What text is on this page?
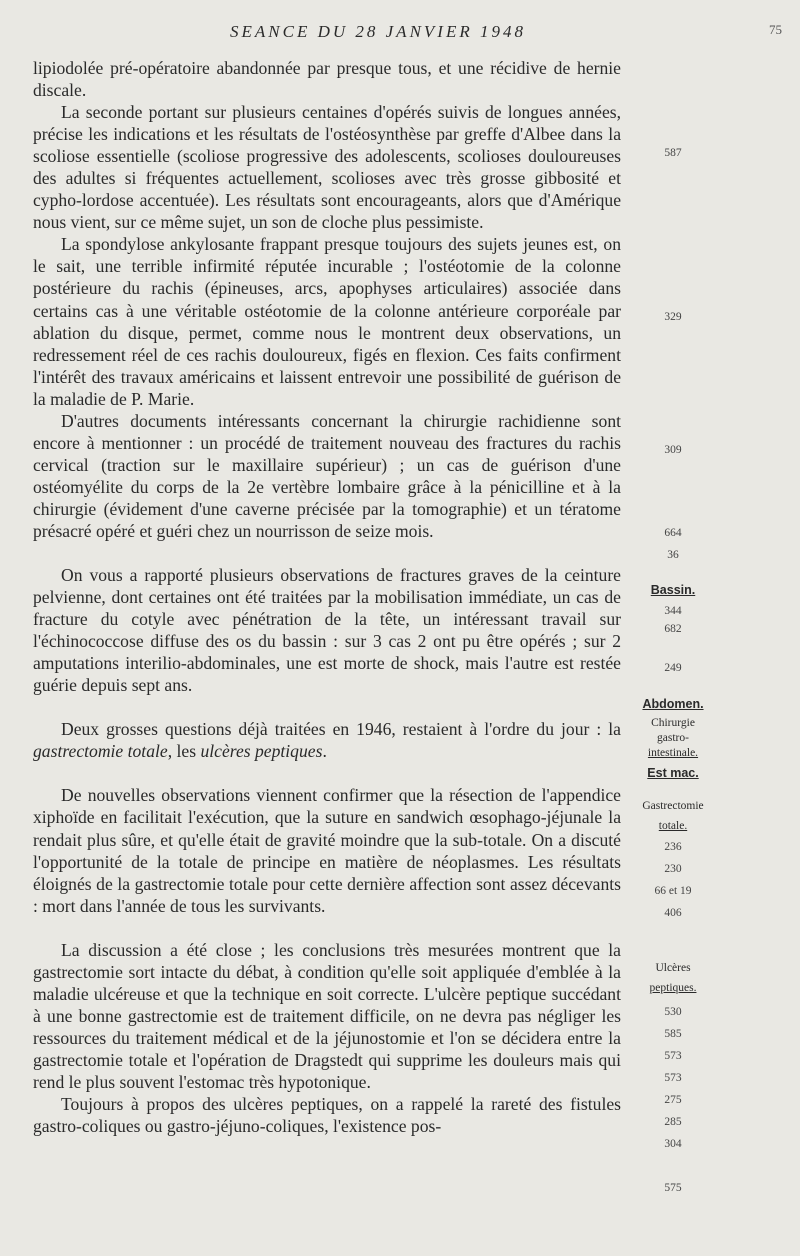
SEANCE DU 28 JANVIER 1948	75

lipiodolée pré-opératoire abandonnée par presque tous, et une récidive de hernie discale.

La seconde portant sur plusieurs centaines d'opérés suivis de longues années, précise les indications et les résultats de l'ostéosynthèse par greffe d'Albee dans la scoliose essentielle (scoliose progressive des adolescents, scolioses douloureuses des adultes si fréquentes actuellement, scolioses avec très grosse gibbosité et cypho-lordose accentuée). Les résultats sont encourageants, alors que d'Amérique nous vient, sur ce même sujet, un son de cloche plus pessimiste.

La spondylose ankylosante frappant presque toujours des sujets jeunes est, on le sait, une terrible infirmité réputée incurable ; l'ostéotomie de la colonne postérieure du rachis (épineuses, arcs, apophyses articulaires) associée dans certains cas à une véritable ostéotomie de la colonne antérieure corporéale par ablation du disque, permet, comme nous le montrent deux observations, un redressement réel de ces rachis douloureux, figés en flexion. Ces faits confirment l'intérêt des travaux américains et laissent entrevoir une possibilité de guérison de la maladie de P. Marie.

D'autres documents intéressants concernant la chirurgie rachidienne sont encore à mentionner : un procédé de traitement nouveau des fractures du rachis cervical (traction sur le maxillaire supérieur) ; un cas de guérison d'une ostéomyélite du corps de la 2e vertèbre lombaire grâce à la pénicilline et à la chirurgie (évidement d'une caverne précisée par la tomographie) et un tératome présacré opéré et guéri chez un nourrisson de seize mois.

On vous a rapporté plusieurs observations de fractures graves de la ceinture pelvienne, dont certaines ont été traitées par la mobilisation immédiate, un cas de fracture du cotyle avec pénétration de la tête, un intéressant travail sur l'échinococcose diffuse des os du bassin : sur 3 cas 2 ont pu être opérés ; sur 2 amputations interilio-abdominales, une est morte de shock, mais l'autre est restée guérie depuis sept ans.

Deux grosses questions déjà traitées en 1946, restaient à l'ordre du jour : la gastrectomie totale, les ulcères peptiques.

De nouvelles observations viennent confirmer que la résection de l'appendice xiphoïde en facilitait l'exécution, que la suture en sandwich œsophago-jéjunale la rendait plus sûre, et qu'elle était de gravité moindre que la sub-totale. On a discuté l'opportunité de la totale de principe en matière de néoplasmes. Les résultats éloignés de la gastrectomie totale pour cette dernière affection sont assez décevants : mort dans l'année de tous les survivants.

La discussion a été close ; les conclusions très mesurées montrent que la gastrectomie sort intacte du débat, à condition qu'elle soit appliquée d'emblée à la maladie ulcéreuse et que la technique en soit correcte. L'ulcère peptique succédant à une bonne gastrectomie est de traitement difficile, on ne devra pas négliger les ressources du traitement médical et de la jéjunostomie et l'on se décidera entre la gastrectomie totale et l'opération de Dragstedt qui supprime les douleurs mais qui rend le plus souvent l'estomac très hypotonique.

Toujours à propos des ulcères peptiques, on a rappelé la rareté des fistules gastro-coliques ou gastro-jéjuno-coliques, l'existence pos-

587
329
309
664
36
Bassin.
344
682
249
Abdomen.
Chirurgie
gastro-
intestinale.
Est mac.
Gastrectomie
totale.
236
230
66 et 19
406
Ulcères
peptiques.
530
585
573
573
275
285
304
575
